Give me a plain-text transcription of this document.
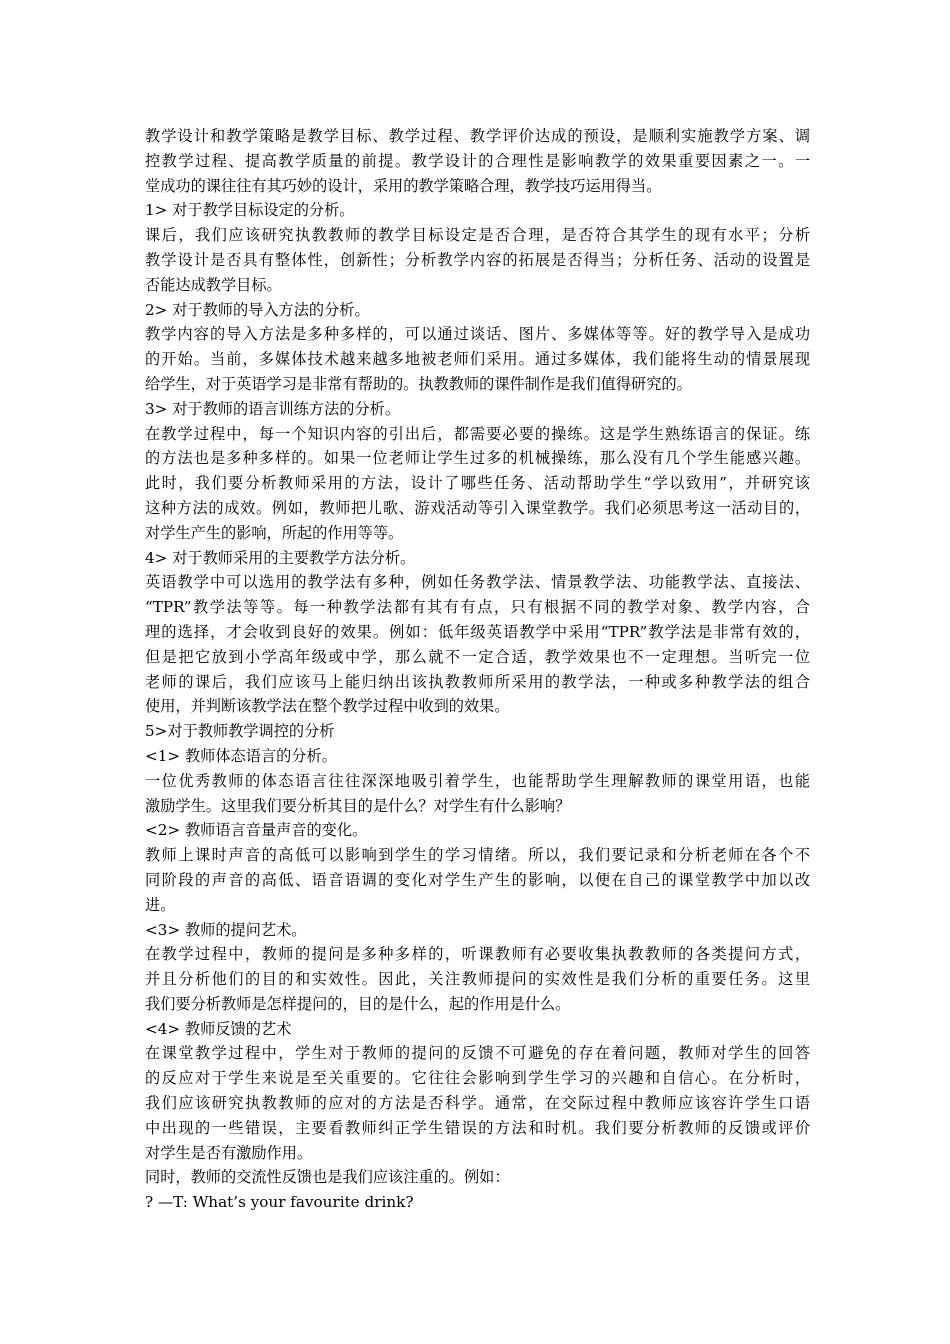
教学设计和教学策略是教学目标、教学过程、教学评价达成的预设，是顺利实施教学方案、调
控教学过程、提高教学质量的前提。教学设计的合理性是影响教学的效果重要因素之一。一
堂成功的课往往有其巧妙的设计，采用的教学策略合理，教学技巧运用得当。
1> 对于教学目标设定的分析。
课后，我们应该研究执教教师的教学目标设定是否合理，是否符合其学生的现有水平；分析
教学设计是否具有整体性，创新性；分析教学内容的拓展是否得当；分析任务、活动的设置是
否能达成教学目标。
2> 对于教师的导入方法的分析。
教学内容的导入方法是多种多样的，可以通过谈话、图片、多媒体等等。好的教学导入是成功
的开始。当前，多媒体技术越来越多地被老师们采用。通过多媒体，我们能将生动的情景展现
给学生，对于英语学习是非常有帮助的。执教教师的课件制作是我们值得研究的。
3> 对于教师的语言训练方法的分析。
在教学过程中，每一个知识内容的引出后，都需要必要的操练。这是学生熟练语言的保证。练
的方法也是多种多样的。如果一位老师让学生过多的机械操练，那么没有几个学生能感兴趣。
此时，我们要分析教师采用的方法，设计了哪些任务、活动帮助学生“学以致用”，并研究该
这种方法的成效。例如，教师把儿歌、游戏活动等引入课堂教学。我们必须思考这一活动目的，
对学生产生的影响，所起的作用等等。
4> 对于教师采用的主要教学方法分析。
英语教学中可以选用的教学法有多种，例如任务教学法、情景教学法、功能教学法、直接法、
“TPR”教学法等等。每一种教学法都有其有有点，只有根据不同的教学对象、教学内容，合
理的选择，才会收到良好的效果。例如：低年级英语教学中采用“TPR”教学法是非常有效的，
但是把它放到小学高年级或中学，那么就不一定合适，教学效果也不一定理想。当听完一位
老师的课后，我们应该马上能归纳出该执教教师所采用的教学法，一种或多种教学法的组合
使用，并判断该教学法在整个教学过程中收到的效果。
5>对于教师教学调控的分析
<1> 教师体态语言的分析。
一位优秀教师的体态语言往往深深地吸引着学生，也能帮助学生理解教师的课堂用语，也能
激励学生。这里我们要分析其目的是什么？对学生有什么影响？
<2> 教师语言音量声音的变化。
教师上课时声音的高低可以影响到学生的学习情绪。所以，我们要记录和分析老师在各个不
同阶段的声音的高低、语音语调的变化对学生产生的影响，以便在自己的课堂教学中加以改
进。
<3> 教师的提问艺术。
在教学过程中，教师的提问是多种多样的，听课教师有必要收集执教教师的各类提问方式，
并且分析他们的目的和实效性。因此，关注教师提问的实效性是我们分析的重要任务。这里
我们要分析教师是怎样提问的，目的是什么，起的作用是什么。
<4> 教师反馈的艺术
在课堂教学过程中，学生对于教师的提问的反馈不可避免的存在着问题，教师对学生的回答
的反应对于学生来说是至关重要的。它往往会影响到学生学习的兴趣和自信心。在分析时，
我们应该研究执教教师的应对的方法是否科学。通常，在交际过程中教师应该容许学生口语
中出现的一些错误，主要看教师纠正学生错误的方法和时机。我们要分析教师的反馈或评价
对学生是否有激励作用。
同时，教师的交流性反馈也是我们应该注重的。例如：
? —T: What’s your favourite drink?
